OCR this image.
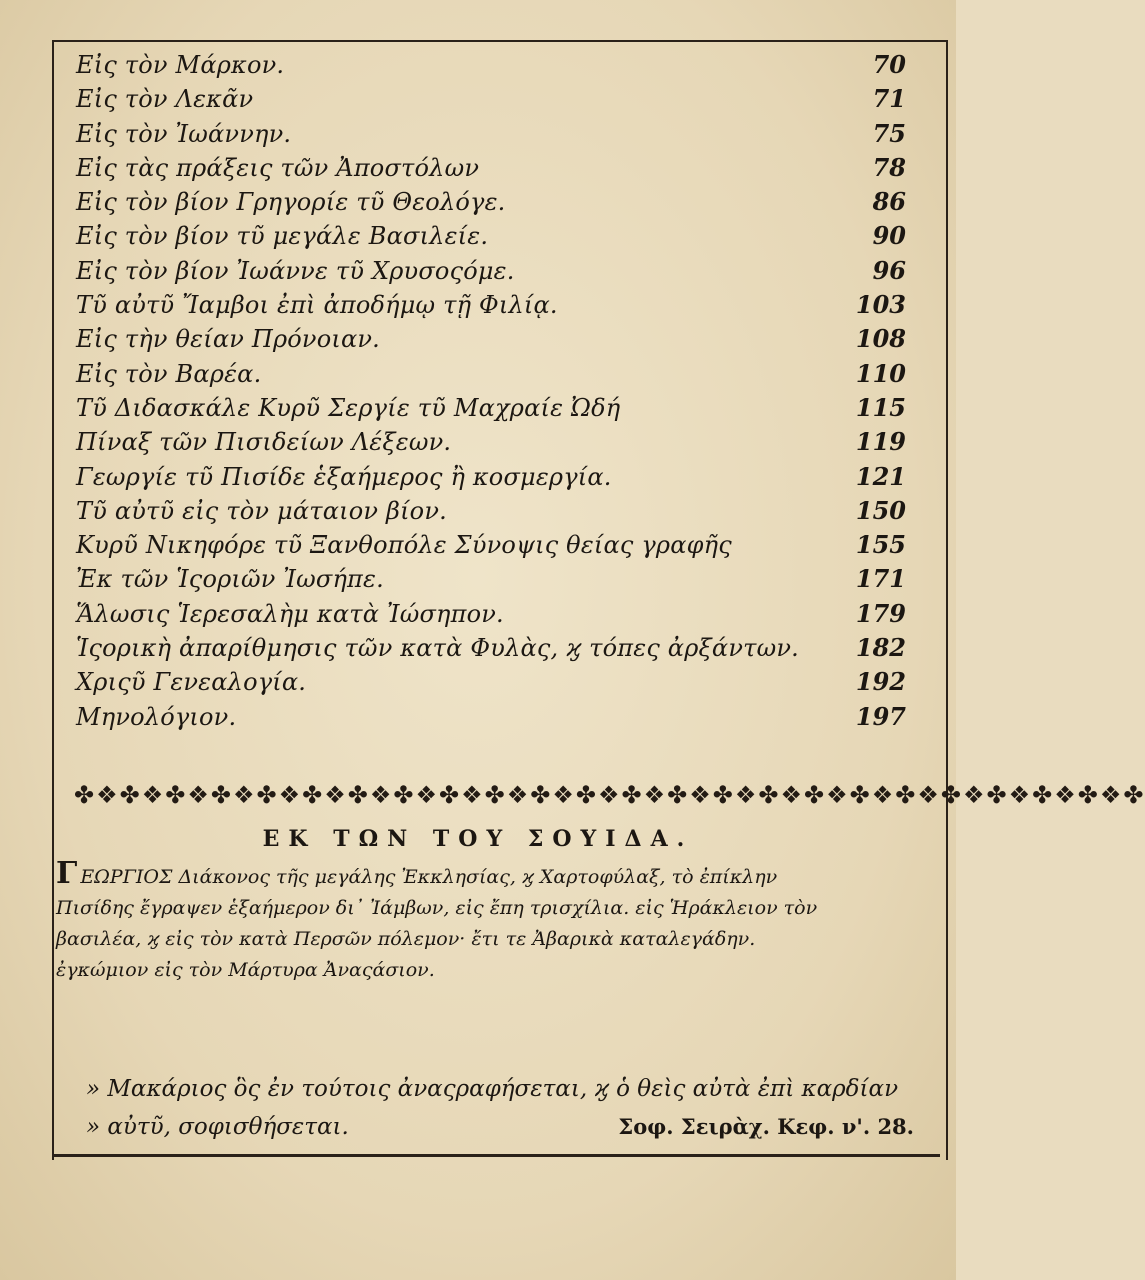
Εἰς τὸν Μάρκον.	70
Εἰς τὸν Λεκᾶν	71
Εἰς τὸν Ἰωάννην.	75
Εἰς τὰς πράξεις τῶν Ἀποστόλων	78
Εἰς τὸν βίον Γρηγορίε τῦ Θεολόγε.	86
Εἰς τὸν βίον τῦ μεγάλε Βασιλείε.	90
Εἰς τὸν βίον Ἰωάννε τῦ Χρυσοςόμε.	96
Τῦ αὐτῦ Ἴαμβοι ἐπὶ ἀποδήμῳ τῇ Φιλίᾳ.	103
Εἰς τὴν θείαν Πρόνοιαν.	108
Εἰς τὸν Βαρέα.	110
Τῦ Διδασκάλε Κυρῦ Σεργίε τῦ Μαχραίε Ὠδή	115
Πίναξ τῶν Πισιδείων Λέξεων.	119
Γεωργίε τῦ Πισίδε ἑξαήμερος ἢ κοσμεργία.	121
Τῦ αὐτῦ εἰς τὸν μάταιον βίον.	150
Κυρῦ Νικηφόρε τῦ Ξανθοπόλε Σύνοψις θείας γραφῆς	155
Ἐκ τῶν Ἱςοριῶν Ἰωσήπε.	171
Ἅλωσις Ἱερεσαλὴμ κατὰ Ἰώσηπον.	179
Ἱςορικὴ ἀπαρίθμησις τῶν κατὰ Φυλὰς, ϗ τόπες ἀρξάντων. 182
Χριςῦ Γενεαλογία.	192
Μηνολόγιον.	197
✤❖✤❖✤❖✤❖✤❖✤❖✤❖✤❖✤❖✤❖✤❖✤❖✤❖✤❖✤❖✤❖✤❖✤❖✤❖✤❖✤❖✤❖✤❖✤
ΕΚ ΤΩΝ ΤΟΥ ΣΟΥΙΔΑ.

ΓΕΩΡΓΙΟΣ Διάκονος τῆς μεγάλης Ἐκκλησίας, ϗ Χαρτοφύλαξ, τὸ ἐπίκλην

Πισίδης ἔγραψεν ἑξαήμερον δι᾿ Ἰάμβων, εἰς ἔπη τρισχίλια. εἰς Ἡράκλειον τὸν

βασιλέα, ϗ εἰς τὸν κατὰ Περσῶν πόλεμον· ἔτι τε Ἀβαρικὰ καταλεγάδην.

ἐγκώμιον εἰς τὸν Μάρτυρα Ἀναςάσιον.

» Μακάριος ὃς ἐν τούτοις ἀναςραφήσεται, ϗ ὁ θεὶς αὐτὰ ἐπὶ καρδίαν

» αὐτῦ, σοφισθήσεται.	Σοφ. Σειρὰχ. Κεφ. ν'. 28.
